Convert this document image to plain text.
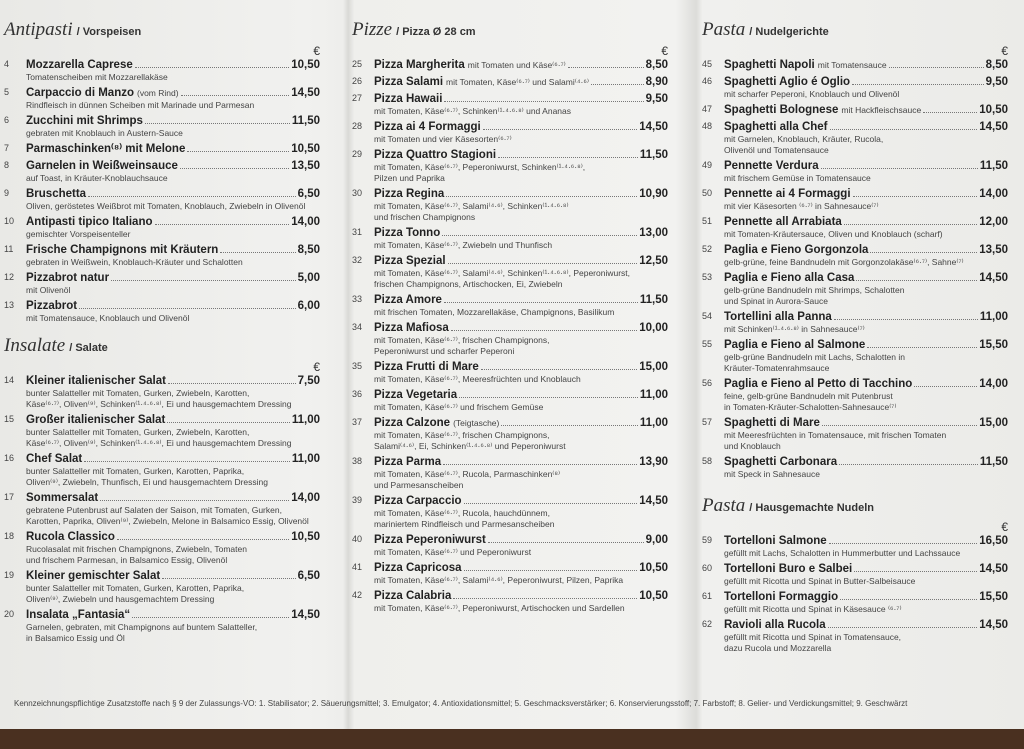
Antipasti / Vorspeisen
€
4	Mozzarella Caprese	10,50
Tomatenscheiben mit Mozzarellakäse
5	Carpaccio di Manzo (vom Rind)	14,50
Rindfleisch in dünnen Scheiben mit Marinade und Parmesan
6	Zucchini mit Shrimps	11,50
gebraten mit Knoblauch in Austern-Sauce
7	Parmaschinken⁽⁸⁾ mit Melone	10,50
8	Garnelen in Weißweinsauce	13,50
auf Toast, in Kräuter-Knoblauchsauce
9	Bruschetta	6,50
Oliven, geröstetes Weißbrot mit Tomaten, Knoblauch, Zwiebeln in Olivenöl
10	Antipasti tipico Italiano	14,00
gemischter Vorspeisenteller
11	Frische Champignons mit Kräutern	8,50
gebraten in Weißwein, Knoblauch-Kräuter und Schalotten
12	Pizzabrot natur	5,00
mit Olivenöl
13	Pizzabrot	6,00
mit Tomatensauce, Knoblauch und Olivenöl
Insalate / Salate
€
14	Kleiner italienischer Salat	7,50
bunter Salatteller mit Tomaten, Gurken, Zwiebeln, Karotten,
Käse⁽⁶·⁷⁾, Oliven⁽⁹⁾, Schinken⁽¹·⁴·⁶·⁸⁾, Ei und hausgemachtem Dressing
15	Großer italienischer Salat	11,00
bunter Salatteller mit Tomaten, Gurken, Zwiebeln, Karotten,
Käse⁽⁶·⁷⁾, Oliven⁽⁹⁾, Schinken⁽¹·⁴·⁶·⁸⁾, Ei und hausgemachtem Dressing
16	Chef Salat	11,00
bunter Salatteller mit Tomaten, Gurken, Karotten, Paprika,
Oliven⁽⁹⁾, Zwiebeln, Thunfisch, Ei und hausgemachtem Dressing
17	Sommersalat	14,00
gebratene Putenbrust auf Salaten der Saison, mit Tomaten, Gurken,
Karotten, Paprika, Oliven⁽⁹⁾, Zwiebeln, Melone in Balsamico Essig, Olivenöl
18	Rucola Classico	10,50
Rucolasalat mit frischen Champignons, Zwiebeln, Tomaten
und frischem Parmesan, in Balsamico Essig, Olivenöl
19	Kleiner gemischter Salat	6,50
bunter Salatteller mit Tomaten, Gurken, Karotten, Paprika,
Oliven⁽⁹⁾, Zwiebeln und hausgemachtem Dressing
20	Insalata „Fantasia“	14,50
Garnelen, gebraten, mit Champignons auf buntem Salatteller,
in Balsamico Essig und Öl
Pizze / Pizza Ø 28 cm
€
25	Pizza Margherita mit Tomaten und Käse⁽⁶·⁷⁾	8,50
26	Pizza Salami mit Tomaten, Käse⁽⁶·⁷⁾ und Salami⁽⁴·⁶⁾	8,90
27	Pizza Hawaii	9,50
mit Tomaten, Käse⁽⁶·⁷⁾, Schinken⁽¹·⁴·⁶·⁸⁾ und Ananas
28	Pizza ai 4 Formaggi	14,50
mit Tomaten und vier Käsesorten⁽⁶·⁷⁾
29	Pizza Quattro Stagioni	11,50
mit Tomaten, Käse⁽⁶·⁷⁾, Peperoniwurst, Schinken⁽¹·⁴·⁶·⁸⁾,
Pilzen und Paprika
30	Pizza Regina	10,90
mit Tomaten, Käse⁽⁶·⁷⁾, Salami⁽⁴·⁶⁾, Schinken⁽¹·⁴·⁶·⁸⁾
und frischen Champignons
31	Pizza Tonno	13,00
mit Tomaten, Käse⁽⁶·⁷⁾, Zwiebeln und Thunfisch
32	Pizza Spezial	12,50
mit Tomaten, Käse⁽⁶·⁷⁾, Salami⁽⁴·⁶⁾, Schinken⁽¹·⁴·⁶·⁸⁾, Peperoniwurst,
frischen Champignons, Artischocken, Ei, Zwiebeln
33	Pizza Amore	11,50
mit frischen Tomaten, Mozzarellakäse, Champignons, Basilikum
34	Pizza Mafiosa	10,00
mit Tomaten, Käse⁽⁶·⁷⁾, frischen Champignons,
Peperoniwurst und scharfer Peperoni
35	Pizza Frutti di Mare	15,00
mit Tomaten, Käse⁽⁶·⁷⁾, Meeresfrüchten und Knoblauch
36	Pizza Vegetaria	11,00
mit Tomaten, Käse⁽⁶·⁷⁾ und frischem Gemüse
37	Pizza Calzone (Teigtasche)	11,00
mit Tomaten, Käse⁽⁶·⁷⁾, frischen Champignons,
Salami⁽⁴·⁶⁾, Ei, Schinken⁽¹·⁴·⁶·⁸⁾ und Peperoniwurst
38	Pizza Parma	13,90
mit Tomaten, Käse⁽⁶·⁷⁾, Rucola, Parmaschinken⁽⁸⁾
und Parmesanscheiben
39	Pizza Carpaccio	14,50
mit Tomaten, Käse⁽⁶·⁷⁾, Rucola, hauchdünnem,
mariniertem Rindfleisch und Parmesanscheiben
40	Pizza Peperoniwurst	9,00
mit Tomaten, Käse⁽⁶·⁷⁾ und Peperoniwurst
41	Pizza Capricosa	10,50
mit Tomaten, Käse⁽⁶·⁷⁾, Salami⁽⁴·⁶⁾, Peperoniwurst, Pilzen, Paprika
42	Pizza Calabria	10,50
mit Tomaten, Käse⁽⁶·⁷⁾, Peperoniwurst, Artischocken und Sardellen
Pasta / Nudelgerichte
€
45	Spaghetti Napoli mit Tomatensauce	8,50
46	Spaghetti Aglio é Oglio	9,50
mit scharfer Peperoni, Knoblauch und Olivenöl
47	Spaghetti Bolognese mit Hackfleischsauce	10,50
48	Spaghetti alla Chef	14,50
mit Garnelen, Knoblauch, Kräuter, Rucola,
Olivenöl und Tomatensauce
49	Pennette Verdura	11,50
mit frischem Gemüse in Tomatensauce
50	Pennette ai 4 Formaggi	14,00
mit vier Käsesorten ⁽⁶·⁷⁾ in Sahnesauce⁽⁷⁾
51	Pennette all Arrabiata	12,00
mit Tomaten-Kräutersauce, Oliven und Knoblauch (scharf)
52	Paglia e Fieno Gorgonzola	13,50
gelb-grüne, feine Bandnudeln mit Gorgonzolakäse⁽⁶·⁷⁾, Sahne⁽⁷⁾
53	Paglia e Fieno alla Casa	14,50
gelb-grüne Bandnudeln mit Shrimps, Schalotten
und Spinat in Aurora-Sauce
54	Tortellini alla Panna	11,00
mit Schinken⁽¹·⁴·⁶·⁸⁾ in Sahnesauce⁽⁷⁾
55	Paglia e Fieno al Salmone	15,50
gelb-grüne Bandnudeln mit Lachs, Schalotten in
Kräuter-Tomatenrahmsauce
56	Paglia e Fieno al Petto di Tacchino	14,00
feine, gelb-grüne Bandnudeln mit Putenbrust
in Tomaten-Kräuter-Schalotten-Sahnesauce⁽⁷⁾
57	Spaghetti di Mare	15,00
mit Meeresfrüchten in Tomatensauce, mit frischen Tomaten
und Knoblauch
58	Spaghetti Carbonara	11,50
mit Speck in Sahnesauce
Pasta / Hausgemachte Nudeln
€
59	Tortelloni Salmone	16,50
gefüllt mit Lachs, Schalotten in Hummerbutter und Lachssauce
60	Tortelloni Buro e Salbei	14,50
gefüllt mit Ricotta und Spinat in Butter-Salbeisauce
61	Tortelloni Formaggio	15,50
gefüllt mit Ricotta und Spinat in Käsesauce ⁽⁶·⁷⁾
62	Ravioli alla Rucola	14,50
gefüllt mit Ricotta und Spinat in Tomatensauce,
dazu Rucola und Mozzarella
Kennzeichnungspflichtige Zusatzstoffe nach § 9 der Zulassungs-VO: 1. Stabilisator; 2. Säuerungsmittel; 3. Emulgator; 4. Antioxidationsmittel; 5. Geschmacksverstärker; 6. Konservierungsstoff; 7. Farbstoff; 8. Gelier- und Verdickungsmittel; 9. Geschwärzt
